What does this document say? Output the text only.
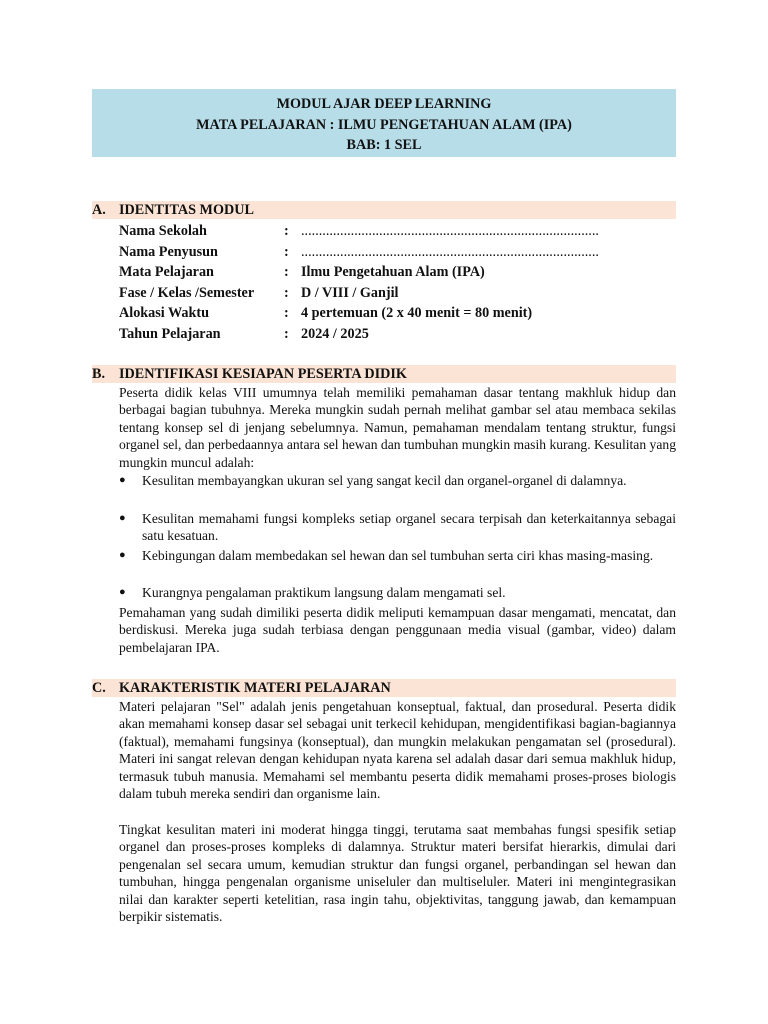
MODUL AJAR DEEP LEARNING
MATA PELAJARAN : ILMU PENGETAHUAN ALAM (IPA)
BAB: 1 SEL
A. IDENTITAS MODUL
Nama Sekolah	: ....................................................................................
Nama Penyusun	: ....................................................................................
Mata Pelajaran	: Ilmu Pengetahuan Alam (IPA)
Fase / Kelas /Semester : D / VIII / Ganjil
Alokasi Waktu	: 4 pertemuan (2 x 40 menit = 80 menit)
Tahun Pelajaran	: 2024 / 2025
B. IDENTIFIKASI KESIAPAN PESERTA DIDIK

Peserta didik kelas VIII umumnya telah memiliki pemahaman dasar tentang makhluk hidup dan berbagai bagian tubuhnya. Mereka mungkin sudah pernah melihat gambar sel atau membaca sekilas tentang konsep sel di jenjang sebelumnya. Namun, pemahaman mendalam tentang struktur, fungsi organel sel, dan perbedaannya antara sel hewan dan tumbuhan mungkin masih kurang. Kesulitan yang mungkin muncul adalah:

● Kesulitan membayangkan ukuran sel yang sangat kecil dan organel-organel di dalamnya.
● Kesulitan memahami fungsi kompleks setiap organel secara terpisah dan keterkaitannya sebagai satu kesatuan.
● Kebingungan dalam membedakan sel hewan dan sel tumbuhan serta ciri khas masing-masing.
● Kurangnya pengalaman praktikum langsung dalam mengamati sel.

Pemahaman yang sudah dimiliki peserta didik meliputi kemampuan dasar mengamati, mencatat, dan berdiskusi. Mereka juga sudah terbiasa dengan penggunaan media visual (gambar, video) dalam pembelajaran IPA.

C. KARAKTERISTIK MATERI PELAJARAN

Materi pelajaran "Sel" adalah jenis pengetahuan konseptual, faktual, dan prosedural. Peserta didik akan memahami konsep dasar sel sebagai unit terkecil kehidupan, mengidentifikasi bagian-bagiannya (faktual), memahami fungsinya (konseptual), dan mungkin melakukan pengamatan sel (prosedural). Materi ini sangat relevan dengan kehidupan nyata karena sel adalah dasar dari semua makhluk hidup, termasuk tubuh manusia. Memahami sel membantu peserta didik memahami proses-proses biologis dalam tubuh mereka sendiri dan organisme lain.

Tingkat kesulitan materi ini moderat hingga tinggi, terutama saat membahas fungsi spesifik setiap organel dan proses-proses kompleks di dalamnya. Struktur materi bersifat hierarkis, dimulai dari pengenalan sel secara umum, kemudian struktur dan fungsi organel, perbandingan sel hewan dan tumbuhan, hingga pengenalan organisme uniseluler dan multiseluler. Materi ini mengintegrasikan nilai dan karakter seperti ketelitian, rasa ingin tahu, objektivitas, tanggung jawab, dan kemampuan berpikir sistematis.
